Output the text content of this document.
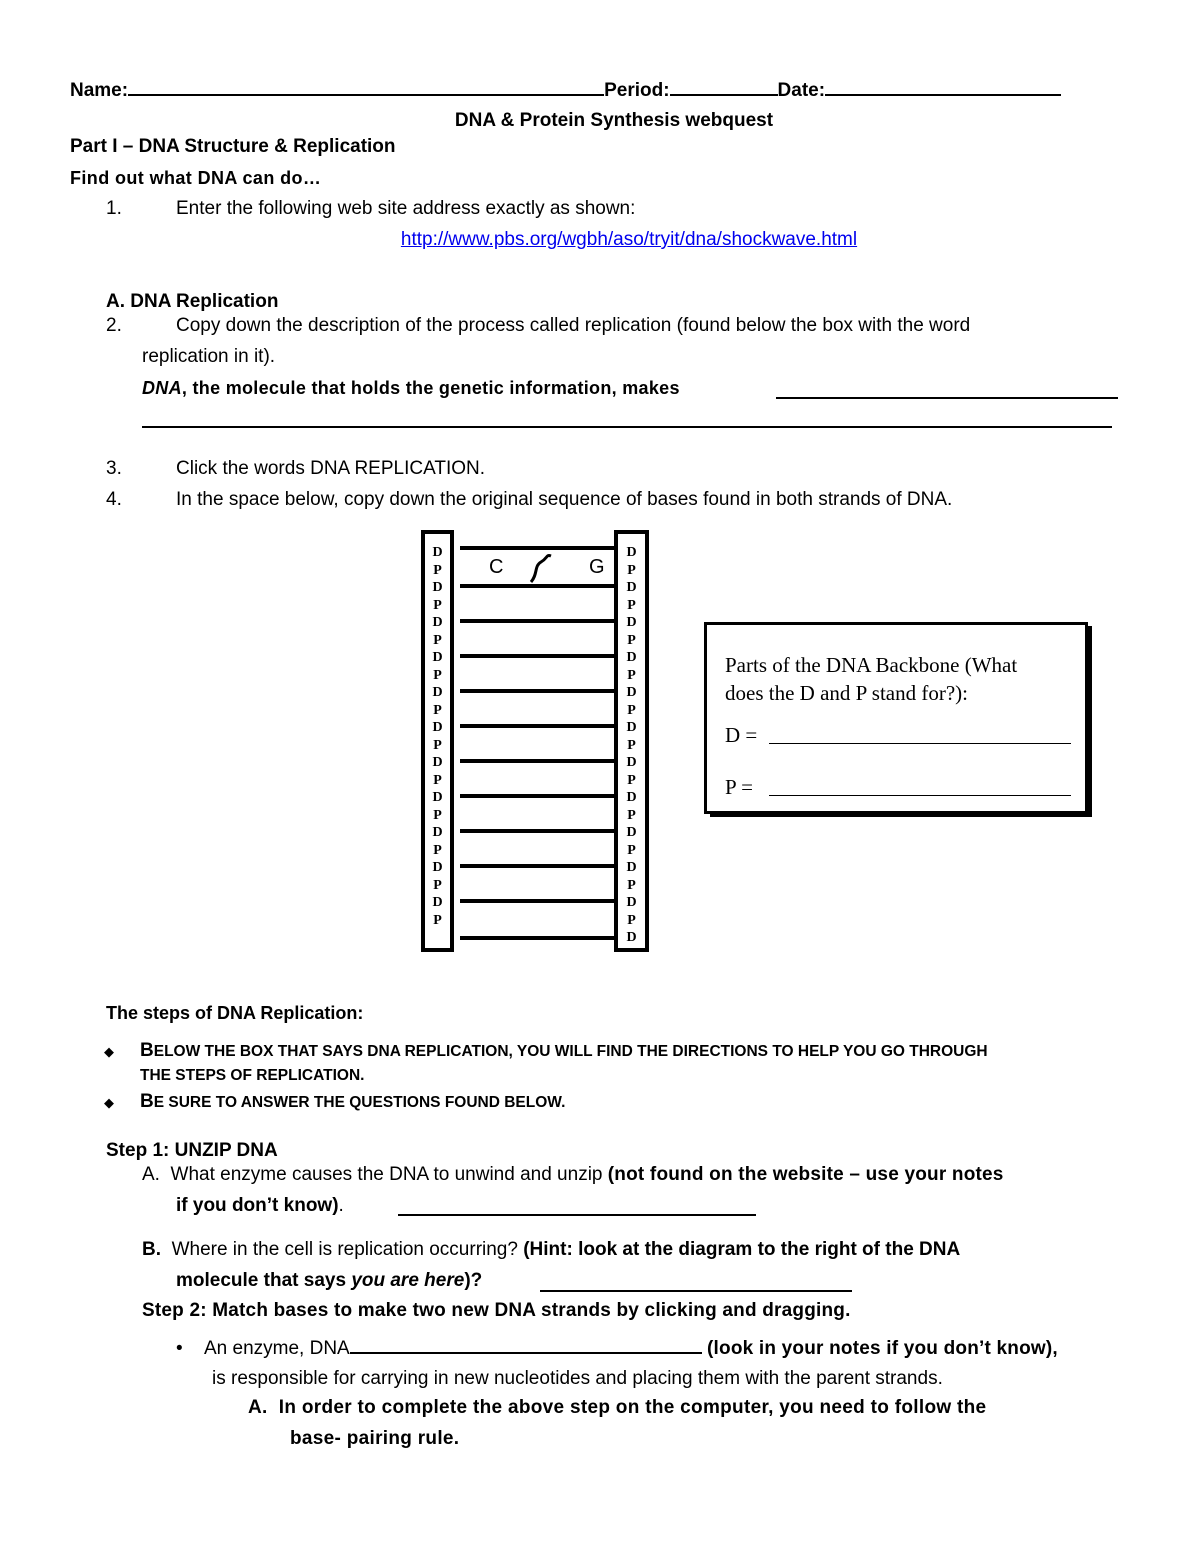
Name:	Period:	Date:
DNA & Protein Synthesis webquest
Part I – DNA Structure & Replication
Find out what DNA can do…
1.	Enter the following web site address exactly as shown:
http://www.pbs.org/wgbh/aso/tryit/dna/shockwave.html
A. DNA Replication
2.	Copy down the description of the process called replication (found below the box with the word
replication in it).
DNA, the molecule that holds the genetic information, makes
3.	Click the words DNA REPLICATION.
4.	In the space below, copy down the original sequence of bases found in both strands of DNA.
D
P
D
P
D
P
D
P
D
P
D
P
D
P
D
P
D
P
D
P
D
P
D
P
D
P
D
P
D
P
D
P
D
P
D
P
D
P
D
P
D
P
D
P
D
C	G
Parts of the DNA Backbone (What
does the D and P stand for?):
D =
P =
The steps of DNA Replication:
◆ BELOW THE BOX THAT SAYS DNA REPLICATION, YOU WILL FIND THE DIRECTIONS TO HELP YOU GO THROUGH
THE STEPS OF REPLICATION.
◆ BE SURE TO ANSWER THE QUESTIONS FOUND BELOW.
Step 1: UNZIP DNA
A. What enzyme causes the DNA to unwind and unzip (not found on the website – use your notes
if you don’t know).
B. Where in the cell is replication occurring? (Hint: look at the diagram to the right of the DNA
molecule that says you are here)?
Step 2: Match bases to make two new DNA strands by clicking and dragging.
• An enzyme, DNA	(look in your notes if you don’t know),
is responsible for carrying in new nucleotides and placing them with the parent strands.
A. In order to complete the above step on the computer, you need to follow the
base- pairing rule.
